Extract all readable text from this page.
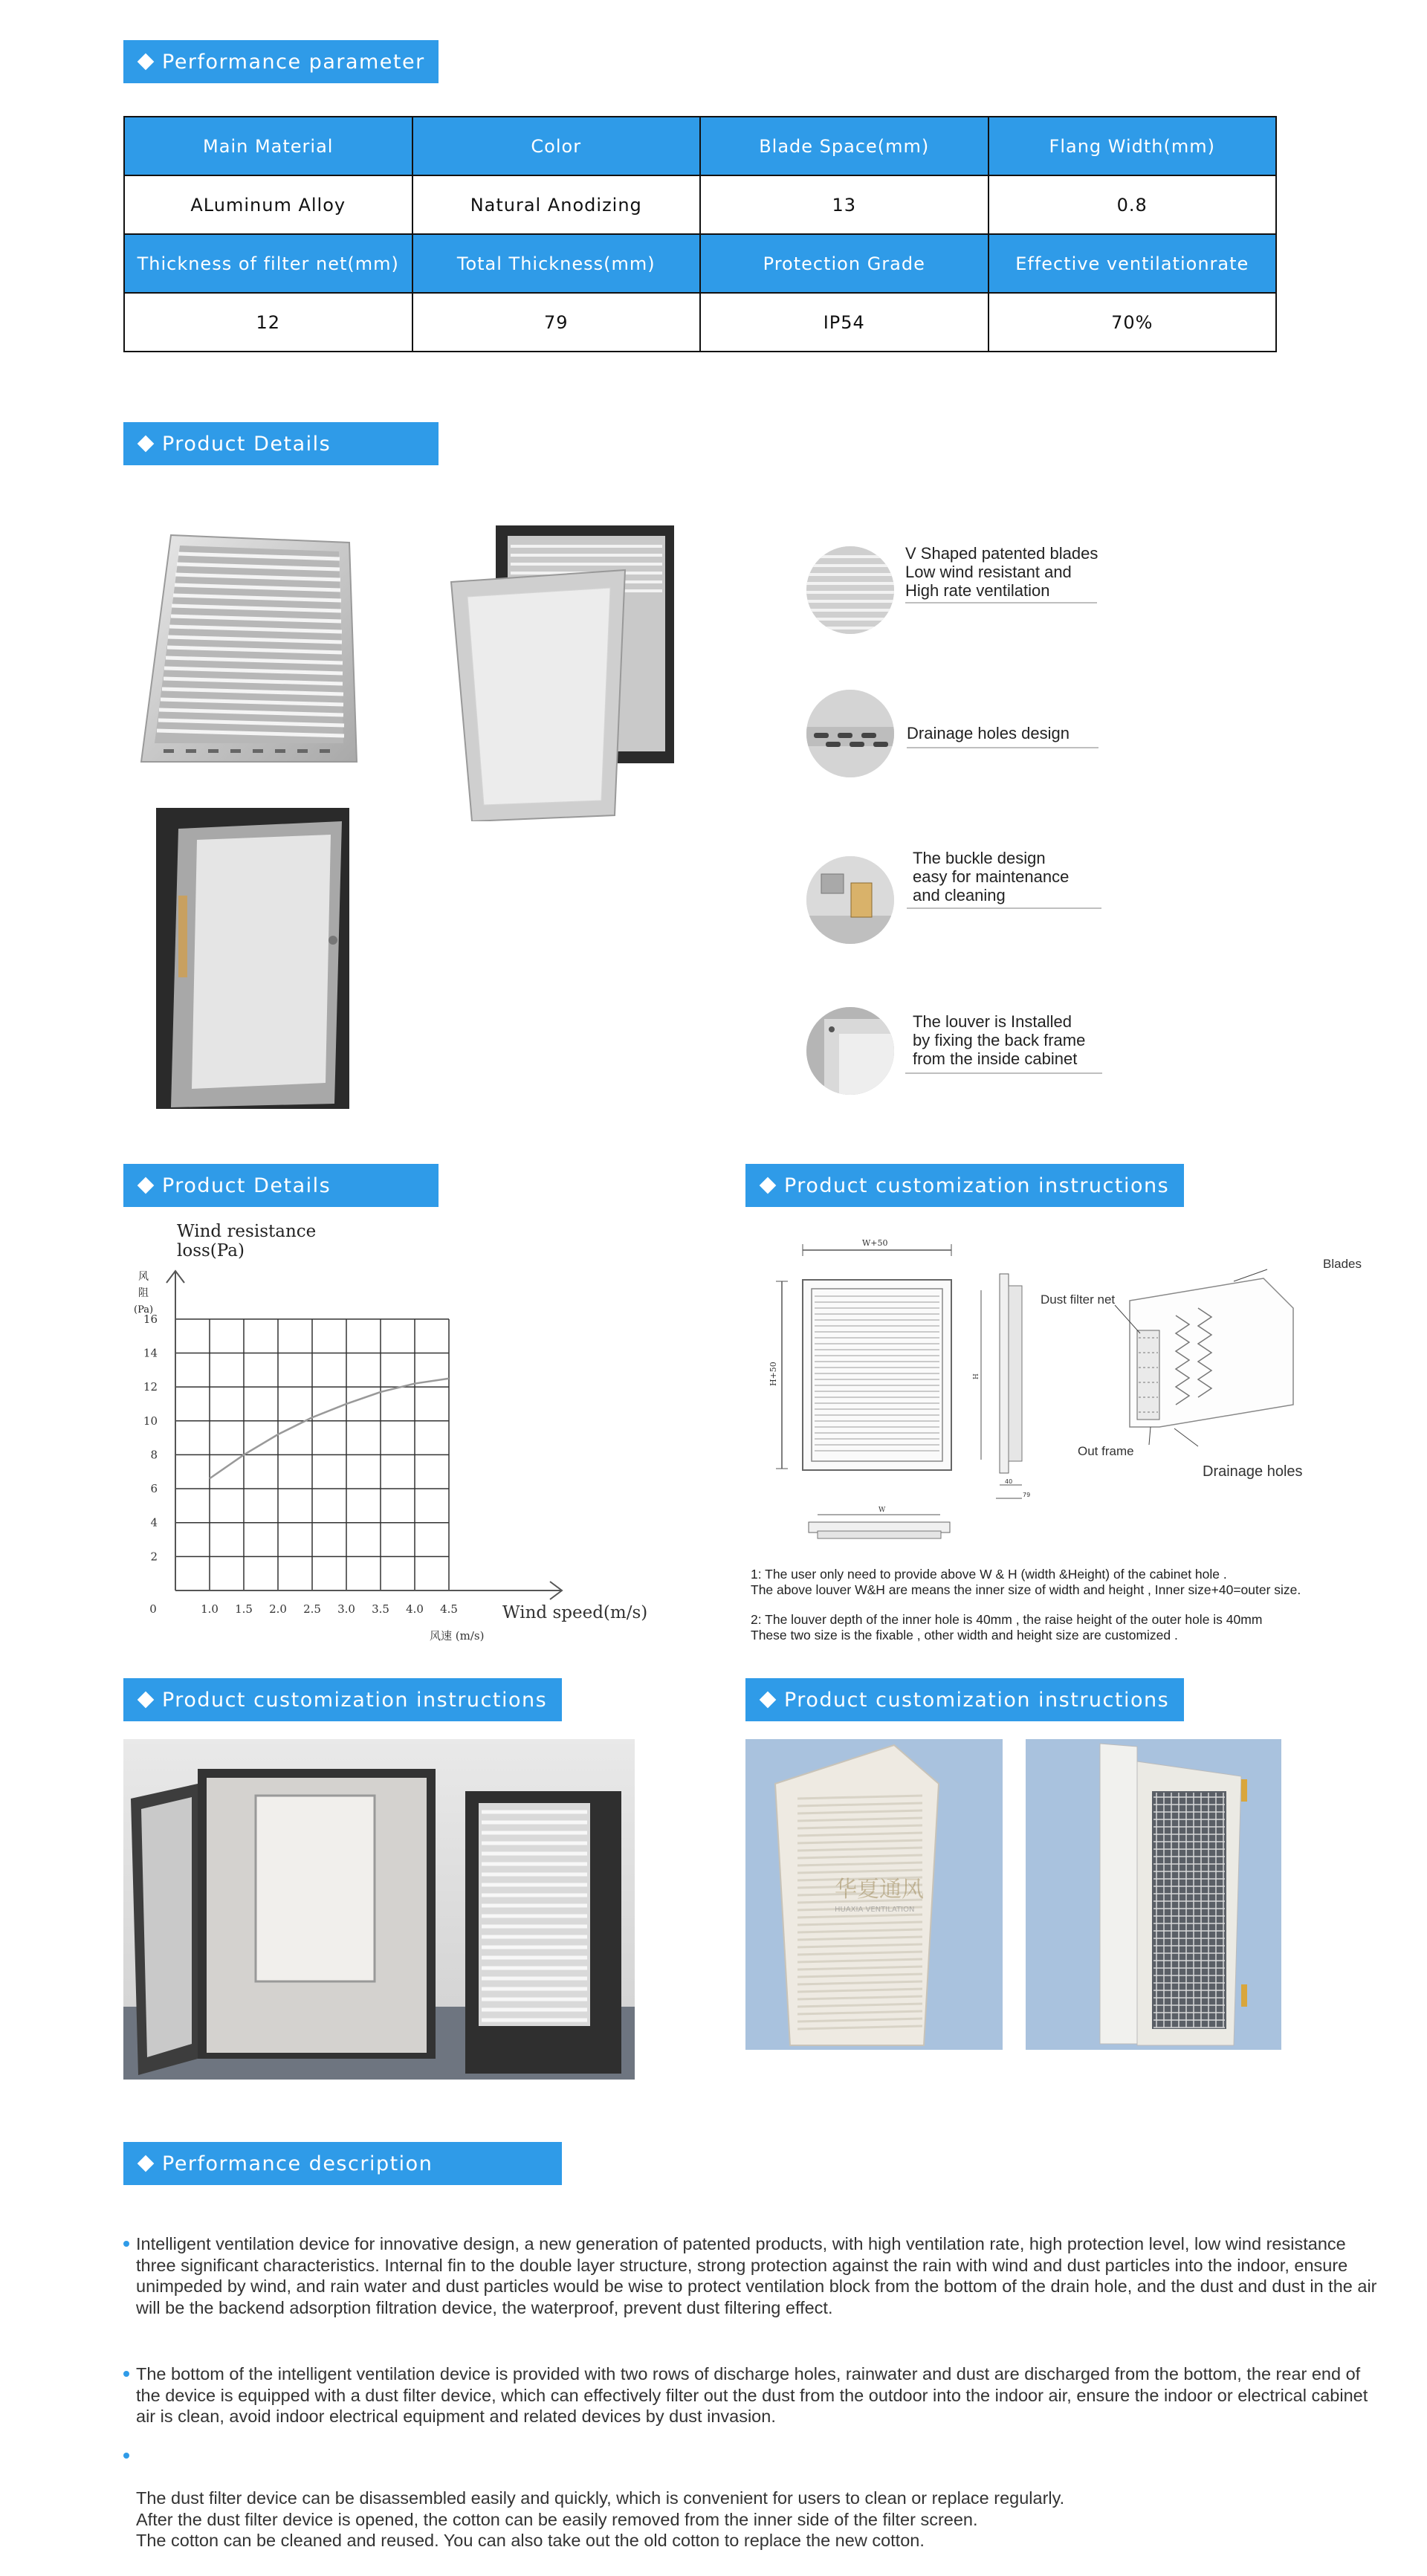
Performance parameter
Main Material	Color	Blade Space(mm)	Flang Width(mm)
ALuminum Alloy	Natural Anodizing	13	0.8
Thickness of filter net(mm)	Total Thickness(mm)	Protection Grade	Effective ventilationrate
12	79	IP54	70%
Product Details
V Shaped patented blades
Low wind resistant and
High rate ventilation
Drainage holes design
The buckle design
easy for maintenance
and cleaning
The louver is Installed
by fixing the back frame
from the inside cabinet
Product Details	Product customization instructions
Wind resistance
loss(Pa)
风
阻
(Pa)
2
4
6
8
10
12
14
16
0	1.0 1.5 2.0 2.5 3.0 3.5 4.0 4.5	Wind speed(m/s)
风速 (m/s)
W+50
H+50	H
40
79
W
Blades
Dust filter net
Out frame
Drainage holes

1: The user only need to provide above W & H (width &Height) of the cabinet hole .
The above louver W&H are means the inner size of width and height , Inner size+40=outer size.

2: The louver depth of the inner hole is 40mm , the raise height of the outer hole is 40mm
These two size is the fixable , other width and height size are customized .

Product customization instructions	Product customization instructions
华夏通风
HUAXIA VENTILATION
Performance description
Intelligent ventilation device for innovative design, a new generation of patented products, with high ventilation rate, high protection level, low wind resistance three significant characteristics. Internal fin to the double layer structure, strong protection against the rain with wind and dust particles into the indoor, ensure unimpeded by wind, and rain water and dust particles would be wise to protect ventilation block from the bottom of the drain hole, and the dust and dust in the air will be the backend adsorption filtration device, the waterproof, prevent dust filtering effect.
The bottom of the intelligent ventilation device is provided with two rows of discharge holes, rainwater and dust are discharged from the bottom, the rear end of the device is equipped with a dust filter device, which can effectively filter out the dust from the outdoor into the indoor air, ensure the indoor or electrical cabinet air is clean, avoid indoor electrical equipment and related devices by dust invasion.

The dust filter device can be disassembled easily and quickly, which is convenient for users to clean or replace regularly.
After the dust filter device is opened, the cotton can be easily removed from the inner side of the filter screen.
The cotton can be cleaned and reused. You can also take out the old cotton to replace the new cotton.
